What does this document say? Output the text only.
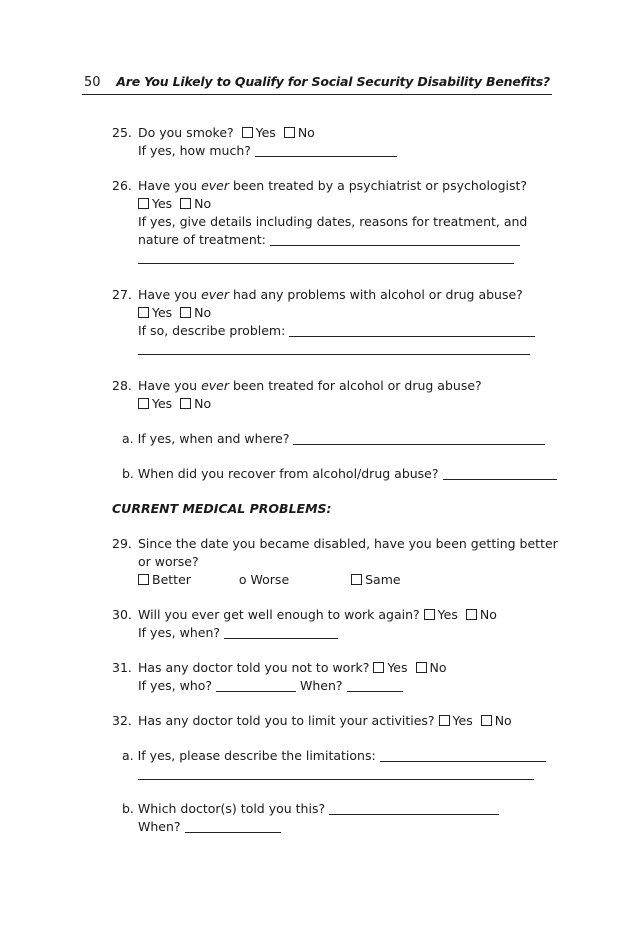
50 Are You Likely to Qualify for Social Security Disability Benefits?
25. Do you smoke? Yes No
If yes, how much?
26. Have you ever been treated by a psychiatrist or psychologist?
Yes No
If yes, give details including dates, reasons for treatment, and
nature of treatment:
27. Have you ever had any problems with alcohol or drug abuse?
Yes No
If so, describe problem:
28. Have you ever been treated for alcohol or drug abuse?
Yes No
a. If yes, when and where?
b. When did you recover from alcohol/drug abuse?
CURRENT MEDICAL PROBLEMS:
29. Since the date you became disabled, have you been getting better
or worse?
Better	o Worse	Same
30. Will you ever get well enough to work again? Yes No
If yes, when?
31. Has any doctor told you not to work? Yes No
If yes, who?	When?
32. Has any doctor told you to limit your activities? Yes No
a. If yes, please describe the limitations:
b. Which doctor(s) told you this?
When?
